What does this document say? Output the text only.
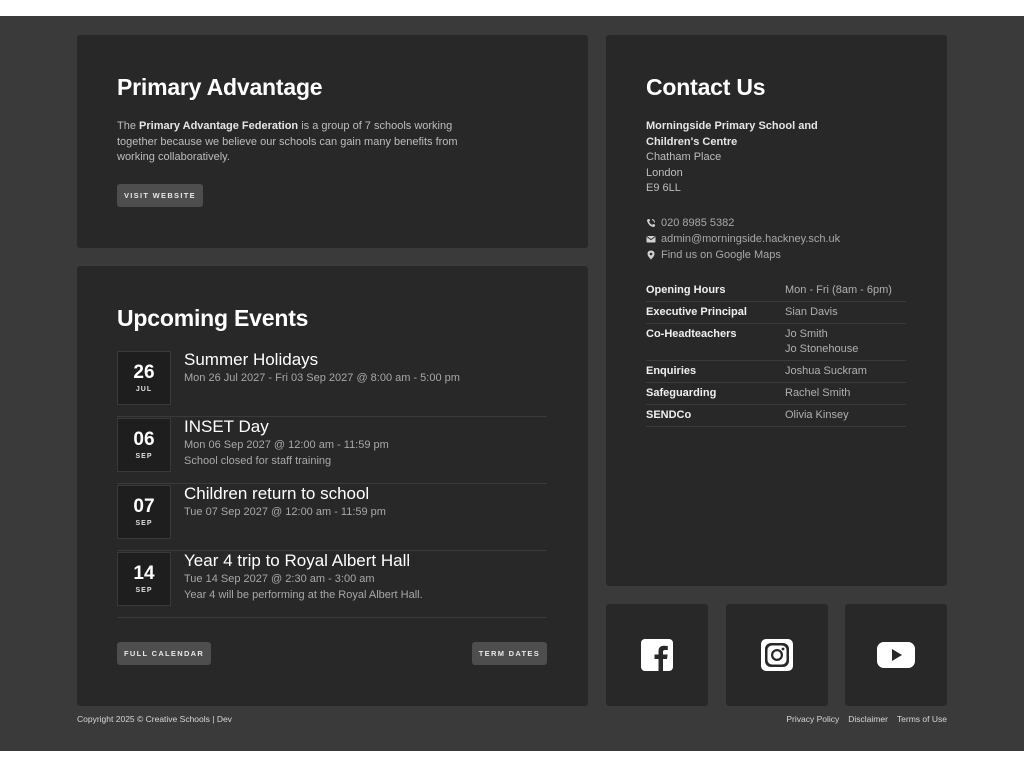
Primary Advantage

The Primary Advantage Federation is a group of 7 schools working together because we believe our schools can gain many benefits from working collaboratively.

VISIT WEBSITE
Upcoming Events
26
JUL
Summer Holidays
Mon 26 Jul 2027 - Fri 03 Sep 2027 @ 8:00 am - 5:00 pm
06
SEP
INSET Day
Mon 06 Sep 2027 @ 12:00 am - 11:59 pm
School closed for staff training
07
SEP
Children return to school
Tue 07 Sep 2027 @ 12:00 am - 11:59 pm
14
SEP
Year 4 trip to Royal Albert Hall
Tue 14 Sep 2027 @ 2:30 am - 3:00 am
Year 4 will be performing at the Royal Albert Hall.
FULL CALENDAR	TERM DATES
Contact Us
Morningside Primary School and
Children's Centre
Chatham Place
London
E9 6LL
020 8985 5382
admin@morningside.hackney.sch.uk
Find us on Google Maps
Opening Hours	Mon - Fri (8am - 6pm)
Executive Principal	Sian Davis
Co-Headteachers	Jo Smith
Jo Stonehouse
Enquiries	Joshua Suckram
Safeguarding	Rachel Smith
SENDCo	Olivia Kinsey
Copyright 2025 © Creative Schools | Dev	Privacy Policy Disclaimer Terms of Use
